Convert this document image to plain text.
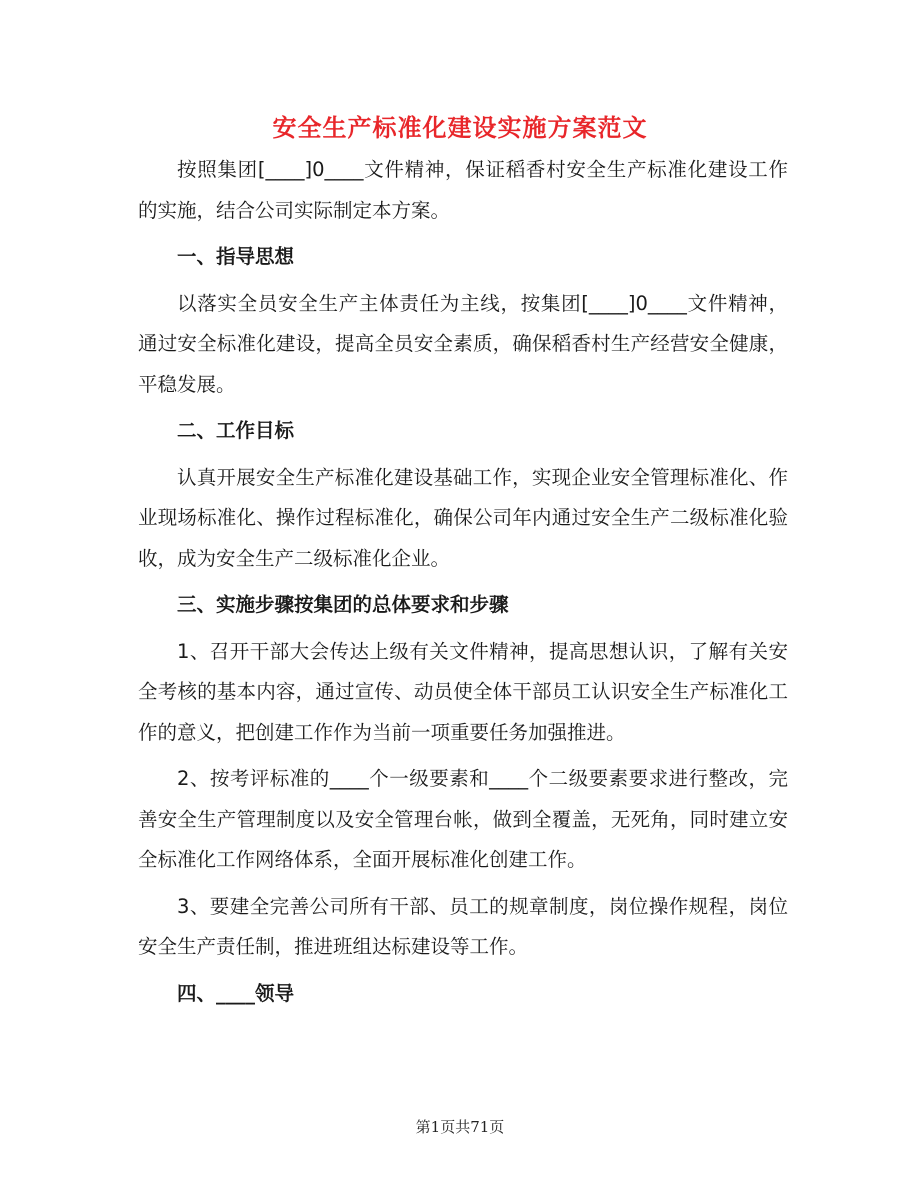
安全生产标准化建设实施方案范文

按照集团[____]0____文件精神，保证稻香村安全生产标准化建设工作的实施，结合公司实际制定本方案。

一、指导思想

以落实全员安全生产主体责任为主线，按集团[____]0____文件精神，通过安全标准化建设，提高全员安全素质，确保稻香村生产经营安全健康，平稳发展。

二、工作目标

认真开展安全生产标准化建设基础工作，实现企业安全管理标准化、作业现场标准化、操作过程标准化，确保公司年内通过安全生产二级标准化验收，成为安全生产二级标准化企业。

三、实施步骤按集团的总体要求和步骤

1、召开干部大会传达上级有关文件精神，提高思想认识，了解有关安全考核的基本内容，通过宣传、动员使全体干部员工认识安全生产标准化工作的意义，把创建工作作为当前一项重要任务加强推进。

2、按考评标准的____个一级要素和____个二级要素要求进行整改，完善安全生产管理制度以及安全管理台帐，做到全覆盖，无死角，同时建立安全标准化工作网络体系，全面开展标准化创建工作。

3、要建全完善公司所有干部、员工的规章制度，岗位操作规程，岗位安全生产责任制，推进班组达标建设等工作。

四、____领导

第1页共71页
